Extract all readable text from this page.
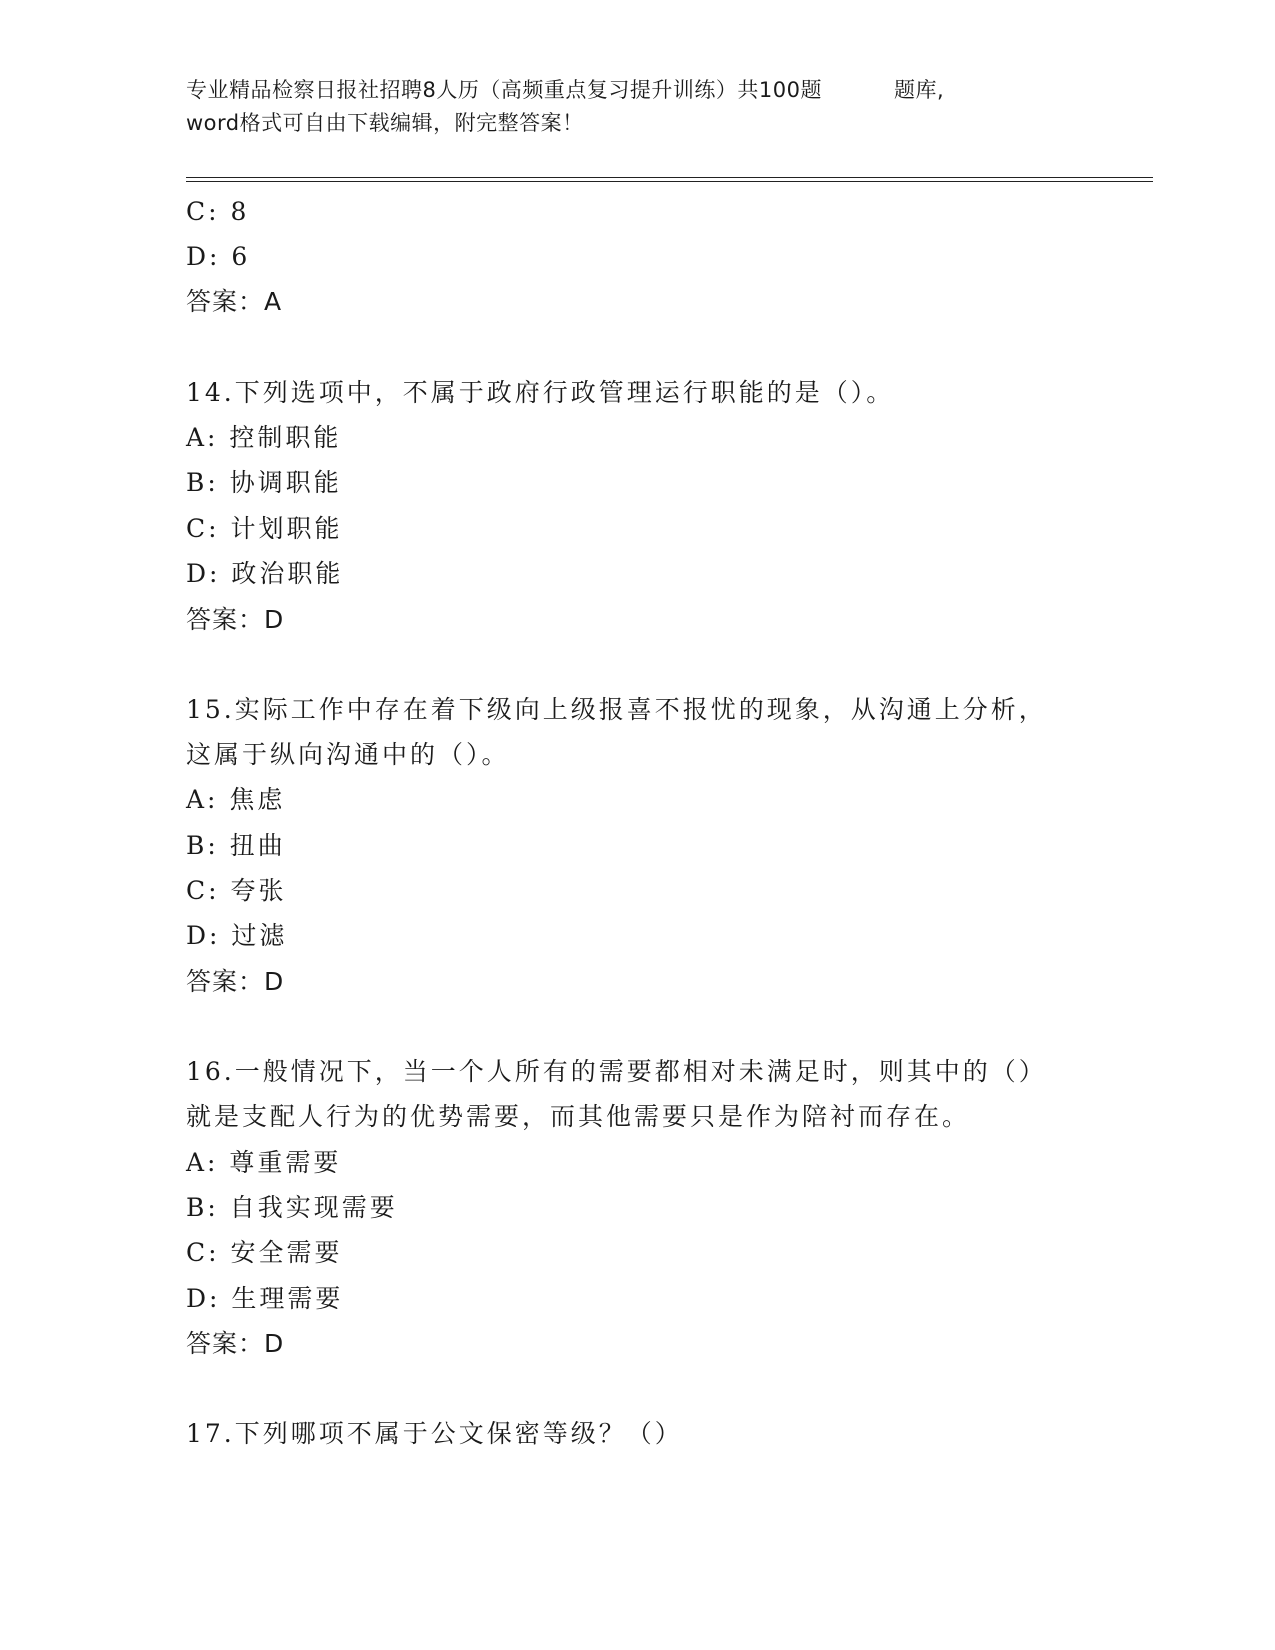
专业精品检察日报社招聘8人历（高频重点复习提升训练）共100题	题库,
word格式可自由下载编辑，附完整答案！
C: 8
D: 6
答案：A
14.下列选项中，不属于政府行政管理运行职能的是（）。
A: 控制职能
B: 协调职能
C: 计划职能
D: 政治职能
答案：D
15.实际工作中存在着下级向上级报喜不报忧的现象，从沟通上分析，
这属于纵向沟通中的（）。
A: 焦虑
B: 扭曲
C: 夸张
D: 过滤
答案：D
16.一般情况下，当一个人所有的需要都相对未满足时，则其中的（）
就是支配人行为的优势需要，而其他需要只是作为陪衬而存在。
A: 尊重需要
B: 自我实现需要
C: 安全需要
D: 生理需要
答案：D
17.下列哪项不属于公文保密等级？（）
